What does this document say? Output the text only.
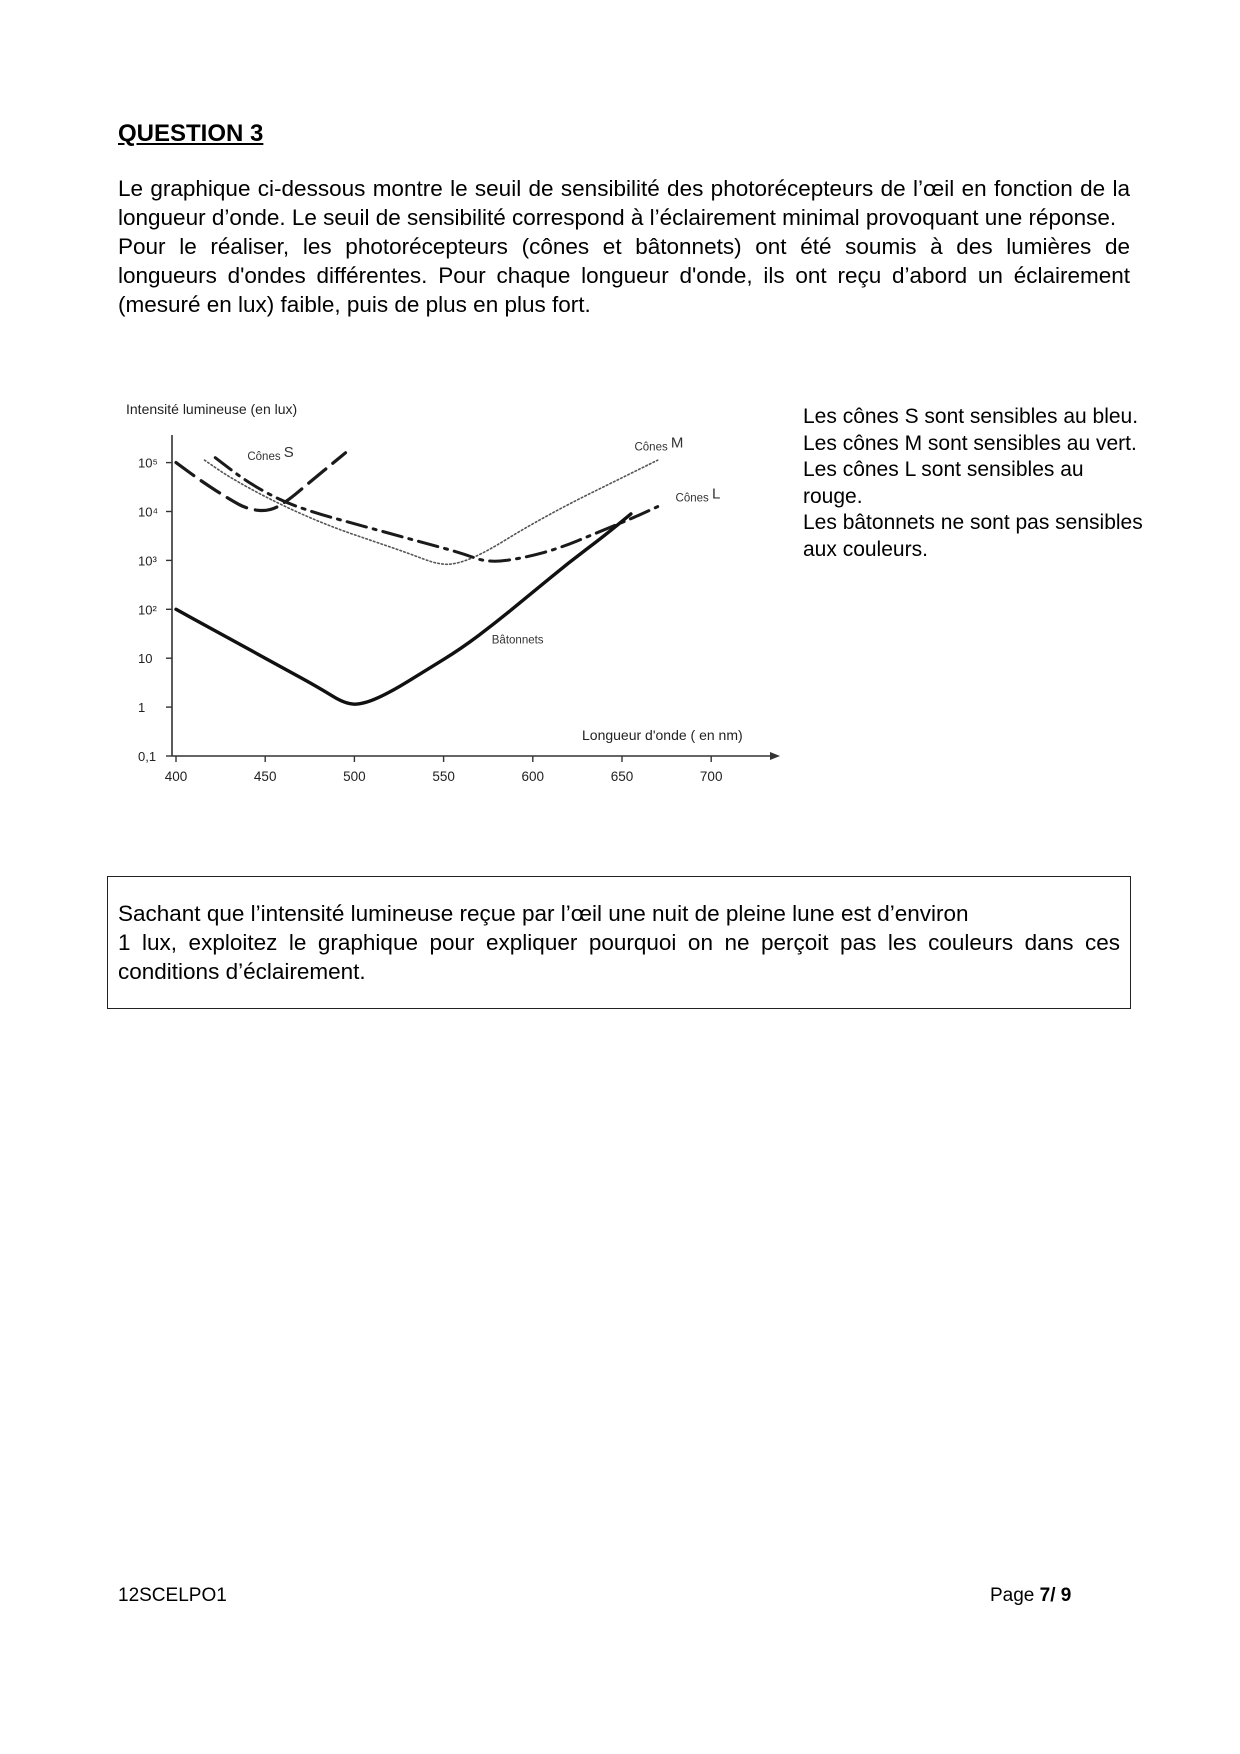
QUESTION 3

Le graphique ci-dessous montre le seuil de sensibilité des photorécepteurs de l’œil en fonction de la longueur d’onde. Le seuil de sensibilité correspond à l’éclairement minimal provoquant une réponse.

Pour le réaliser, les photorécepteurs (cônes et bâtonnets) ont été soumis à des lumières de longueurs d'ondes différentes. Pour chaque longueur d'onde, ils ont reçu d’abord un éclairement (mesuré en lux) faible, puis de plus en plus fort.

Intensité lumineuse (en lux)
0,1
1
10
10²
10³
10⁴
10⁵
400	450	500	550	600	650	700
Longueur d'onde ( en nm)
Cônes S	Cônes M
Cônes L
Bâtonnets

Les cônes S sont sensibles au bleu.

Les cônes M sont sensibles au vert.

Les cônes L sont sensibles au rouge.

Les bâtonnets ne sont pas sensibles aux couleurs.

Sachant que l’intensité lumineuse reçue par l’œil une nuit de pleine lune est d’environ

1 lux, exploitez le graphique pour expliquer pourquoi on ne perçoit pas les couleurs dans ces conditions d’éclairement.

12SCELPO1	Page 7/ 9
